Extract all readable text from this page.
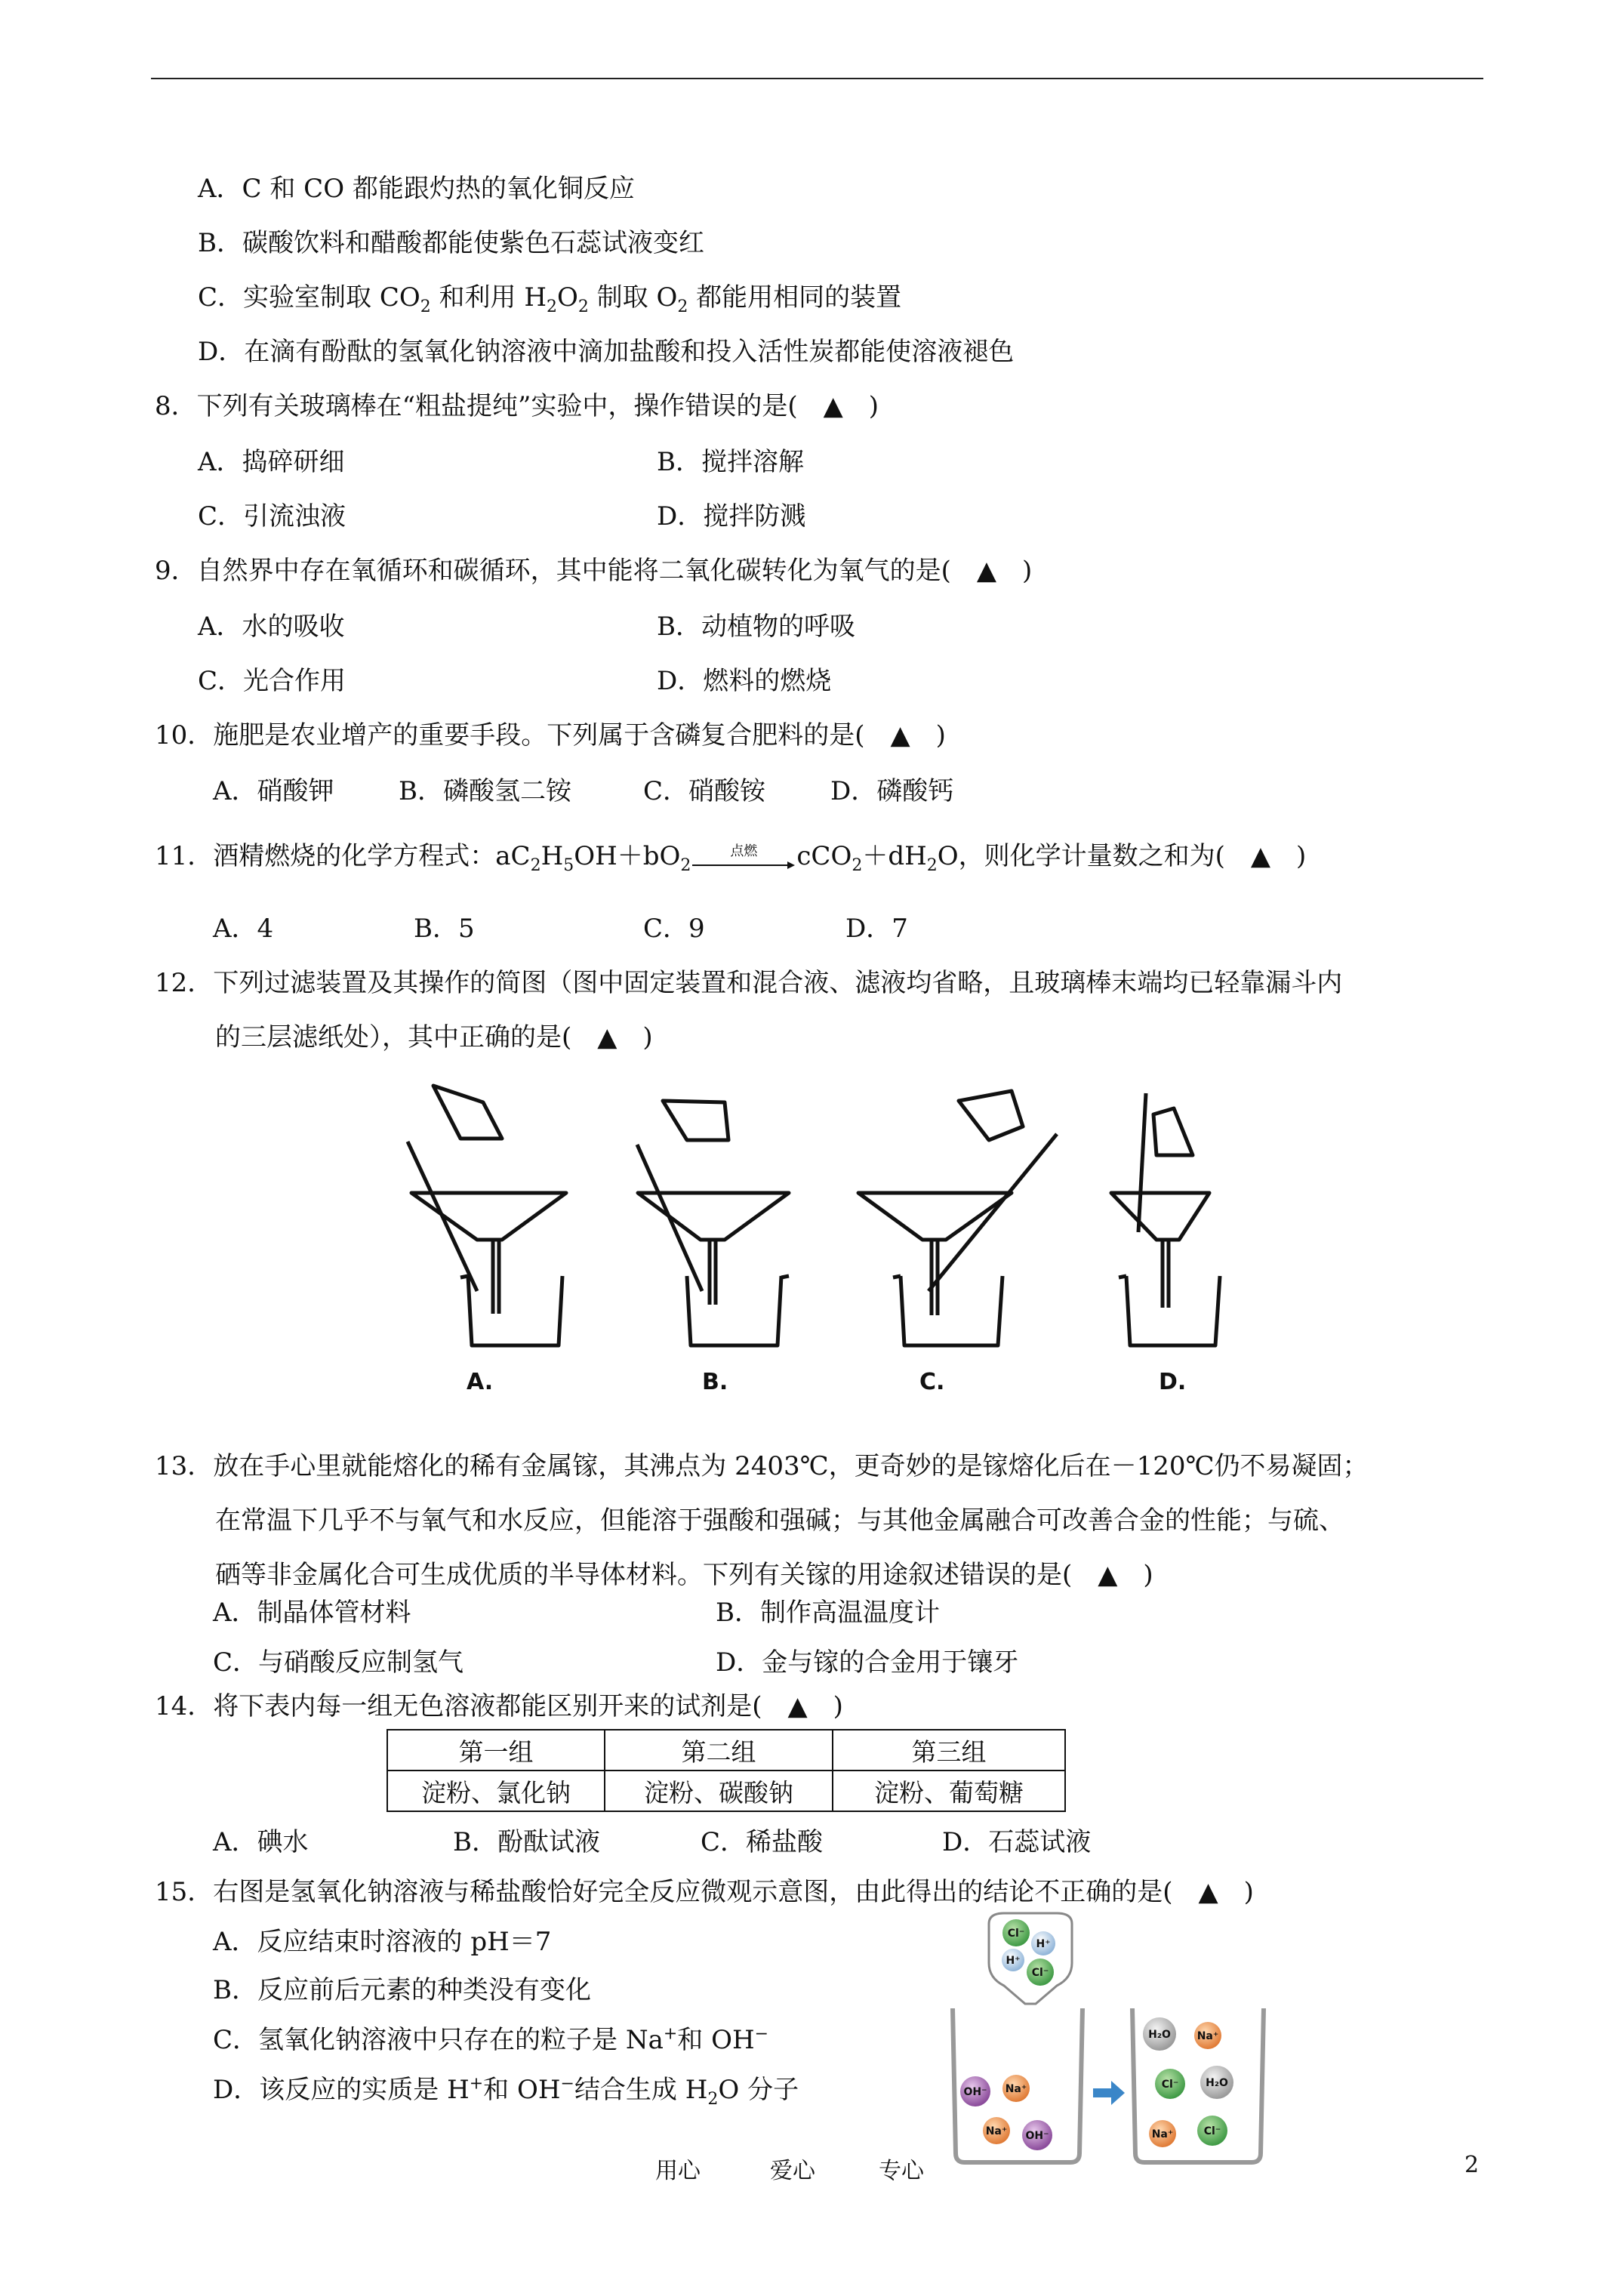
A．C 和 CO 都能跟灼热的氧化铜反应
B．碳酸饮料和醋酸都能使紫色石蕊试液变红
C．实验室制取 $CO_2$ 和利用 $H_2O_2$ 制取 $O_2$ 都能用相同的装置
D．在滴有酚酞的氢氧化钠溶液中滴加盐酸和投入活性炭都能使溶液褪色
8．下列有关玻璃棒在“粗盐提纯”实验中，操作错误的是(　▲　)
A．捣碎研细	B．搅拌溶解
C．引流浊液	D．搅拌防溅
9．自然界中存在氧循环和碳循环，其中能将二氧化碳转化为氧气的是(　▲　)
A．水的吸收	B．动植物的呼吸
C．光合作用	D．燃料的燃烧
10．施肥是农业增产的重要手段。下列属于含磷复合肥料的是(　▲　)
A．硝酸钾	B．磷酸氢二铵	C．硝酸铵	D．磷酸钙
11．酒精燃烧的化学方程式：$aC_2H_5OH+bO_2$
点燃	$cCO_2+dH_2O$，则化学计量数之和为(　▲　)
A．4	B．5	C．9	D．7
12．下列过滤装置及其操作的简图（图中固定装置和混合液、滤液均省略，且玻璃棒末端均已轻靠漏斗内
的三层滤纸处），其中正确的是(　▲　)
A.	B.	C.	D.
13．放在手心里就能熔化的稀有金属镓，其沸点为 2403℃，更奇妙的是镓熔化后在－120℃仍不易凝固；
在常温下几乎不与氧气和水反应，但能溶于强酸和强碱；与其他金属融合可改善合金的性能；与硫、
硒等非金属化合可生成优质的半导体材料。下列有关镓的用途叙述错误的是(　▲　)
A．制晶体管材料	B．制作高温温度计
C．与硝酸反应制氢气	D．金与镓的合金用于镶牙
14．将下表内每一组无色溶液都能区别开来的试剂是(　▲　)
第一组	第二组	第三组
淀粉、氯化钠	淀粉、碳酸钠	淀粉、葡萄糖
A．碘水	B．酚酞试液	C．稀盐酸	D．石蕊试液
15．右图是氢氧化钠溶液与稀盐酸恰好完全反应微观示意图，由此得出的结论不正确的是(　▲　)
A．反应结束时溶液的 pH＝7
B．反应前后元素的种类没有变化
C．氢氧化钠溶液中只存在的粒子是 Na+和 OH−
D．该反应的实质是 H+和 OH−结合生成 $H_2O$ 分子
Cl⁻
H⁺
H⁺
Cl⁻
OH⁻ Na⁺
Na⁺ OH⁻
H₂O Na⁺
Cl⁻	H₂O
Na⁺	Cl⁻
用心	爱心	专心	2
